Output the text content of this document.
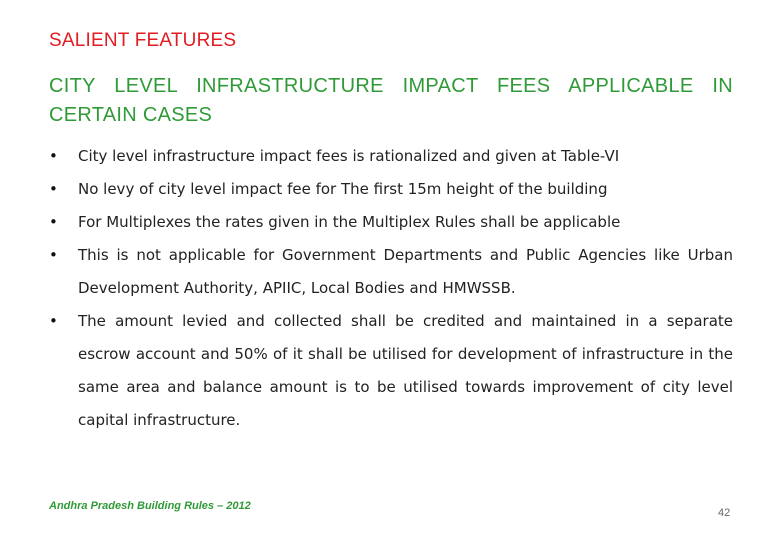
SALIENT FEATURES
CITY LEVEL INFRASTRUCTURE IMPACT FEES APPLICABLE IN CERTAIN CASES
• City level infrastructure impact fees is rationalized and given at Table-VI
• No levy of city level impact fee for The first 15m height of the building
• For Multiplexes the rates given in the Multiplex Rules shall be applicable
• This is not applicable for Government Departments and Public Agencies like Urban Development Authority, APIIC, Local Bodies and HMWSSB.
• The amount levied and collected shall be credited and maintained in a separate escrow account and 50% of it shall be utilised for development of infrastructure in the same area and balance amount is to be utilised towards improvement of city level capital infrastructure.
Andhra Pradesh Building Rules – 2012
42
